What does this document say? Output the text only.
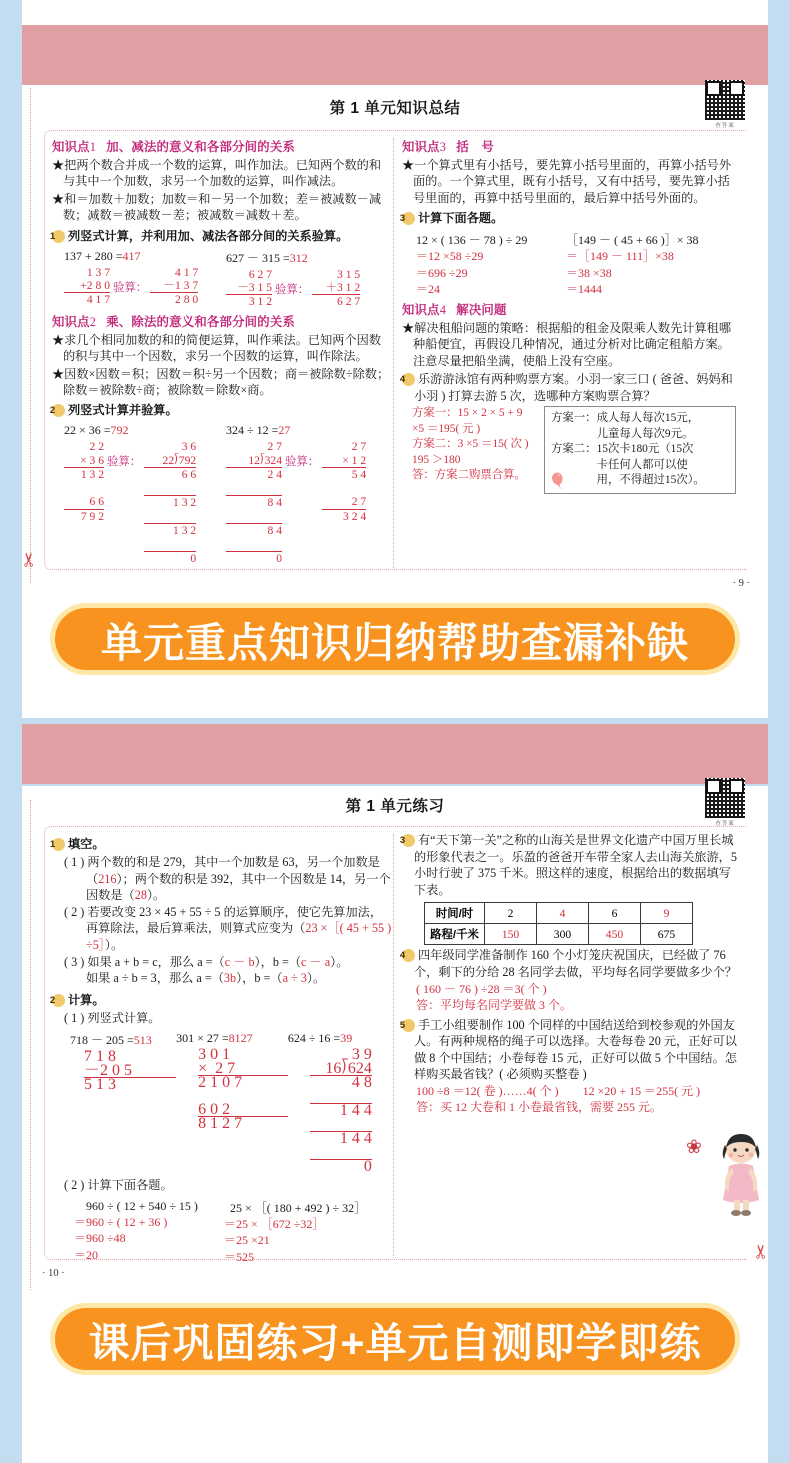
第 1 单元知识总结
查答案
✂
知识点1 加、减法的意义和各部分间的关系

★把两个数合并成一个数的运算，叫作加法。已知两个数的和与其中一个加数，求另一个加数的运算，叫作减法。

★和＝加数＋加数；加数＝和－另一个加数；差＝被减数－减数；减数＝被减数－差；被减数＝减数＋差。

1 列竖式计算，并利用加、减法各部分间的关系验算。
137 + 280 =417
1 3 7
+2 8 0

4 1 7
验算：
4 1 7
－1 3 7

2 8 0
627 － 315 =312
6 2 7
－3 1 5

3 1 2
验算：
3 1 5
＋3 1 2

6 2 7
知识点2 乘、除法的意义和各部分间的关系

★求几个相同加数的和的简便运算，叫作乘法。已知两个因数的积与其中一个因数，求另一个因数的运算，叫作除法。

★因数×因数＝积；因数＝积÷另一个因数；商＝被除数÷除数；除数＝被除数÷商；被除数＝除数×商。

2 列竖式计算并验算。
22 × 36 =792
2 2
× 3 6

1 3 2

6 6

7 9 2
验算：
3 6
22⟌792

6 6

1 3 2

1 3 2

0
324 ÷ 12 =27
2 7
12⟌324

2 4

8 4

8 4

0
验算：
2 7
× 1 2

5 4

2 7

3 2 4
知识点3 括　号

★一个算式里有小括号，要先算小括号里面的，再算小括号外面的。一个算式里，既有小括号，又有中括号，要先算小括号里面的，再算中括号里面的，最后算中括号外面的。

3 计算下面各题。
12 × ( 136 － 78 ) ÷ 29
＝12 ×58 ÷29
＝696 ÷29
＝24
［149 － ( 45 + 66 )］× 38
＝［149 － 111］×38
＝38 ×38
＝1444
知识点4 解决问题

★解决租船问题的策略：根据船的租金及限乘人数先计算租哪种船便宜，再假设几种情况，通过分析对比确定租船方案。注意尽量把船坐满，使船上没有空座。

4 乐游游泳馆有两种购票方案。小羽一家三口 ( 爸爸、妈妈和小羽 ) 打算去游 5 次，选哪种方案购票合算？
方案一：15 × 2 × 5 + 9
×5 ＝195( 元 )
方案二：3 ×5 ＝15( 次 )
195 ＞180
答：方案二购票合算。
方案一： 成人每人每次15元，
儿童每人每次9元。
方案二： 15次卡180元（15次
卡任何人都可以使
用，不得超过15次）。
🎈
· 9 ·
单元重点知识归纳帮助查漏补缺
第 1 单元练习
查答案
✂
1 填空。
( 1 ) 两个数的和是 279，其中一个加数是 63，另一个加数是（216）；两个数的积是 392，其中一个因数是 14，另一个因数是（28）。
( 2 ) 若要改变 23 × 45 + 55 ÷ 5 的运算顺序，使它先算加法，再算除法，最后算乘法，则算式应变为（23 ×［( 45 + 55 ) ÷5］）。
( 3 ) 如果 a + b = c，那么 a =（c － b），b =（c － a）。
如果 a ÷ b = 3，那么 a =（3b），b =（a ÷ 3）。
2 计算。
( 1 ) 列竖式计算。
718 － 205 =513
7 1 8
－2 0 5

5 1 3
301 × 27 =8127
3 0 1
×  2 7

2 1 0 7

6 0 2

8 1 2 7
624 ÷ 16 =39
3 9
16⟌624

4 8

1 4 4

1 4 4

0
( 2 ) 计算下面各题。
960 ÷ ( 12 + 540 ÷ 15 )
＝960 ÷ ( 12 + 36 )
＝960 ÷48
＝20
25 × ［( 180 + 492 ) ÷ 32］
＝25 × ［672 ÷32］
＝25 ×21
＝525
3 有“天下第一关”之称的山海关是世界文化遗产中国万里长城的形象代表之一。乐盈的爸爸开车带全家人去山海关旅游，5 小时行驶了 375 千米。照这样的速度，根据给出的数据填写下表。
时间/时	2	4	6	9
路程/千米	150	300	450	675
4 四年级同学准备制作 160 个小灯笼庆祝国庆，已经做了 76 个，剩下的分给 28 名同学去做，平均每名同学要做多少个？
( 160 － 76 ) ÷28 ＝3( 个 )
答：平均每名同学要做 3 个。
5 手工小组要制作 100 个同样的中国结送给到校参观的外国友人。有两种规格的绳子可以选择。大卷每卷 20 元，正好可以做 8 个中国结；小卷每卷 15 元，正好可以做 5 个中国结。怎样购买最省钱？( 必须购买整卷 )
100 ÷8 ＝12( 卷 )……4( 个 )　　12 ×20 + 15 ＝255( 元 )
答：买 12 大卷和 1 小卷最省钱，需要 255 元。
❀
· 10 ·
课后巩固练习+单元自测即学即练
